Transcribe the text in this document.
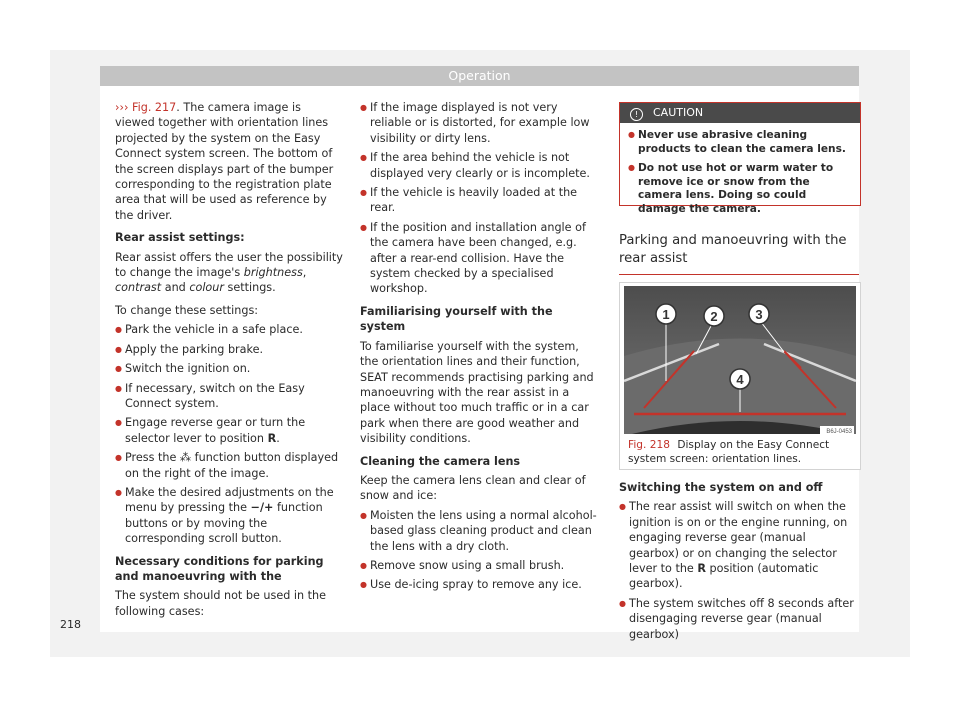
Operation

››› Fig. 217. The camera image is viewed together with orientation lines projected by the system on the Easy Connect system screen. The bottom of the screen displays part of the bumper corresponding to the registration plate area that will be used as reference by the driver.

Rear assist settings:

Rear assist offers the user the possibility to change the image's brightness, contrast and colour settings.

To change these settings:

● Park the vehicle in a safe place.
● Apply the parking brake.
● Switch the ignition on.
● If necessary, switch on the Easy Connect system.
● Engage reverse gear or turn the selector lever to position R.
● Press the ⁂ function button displayed on the right of the image.

● Make the desired adjustments on the menu by pressing the −/+ function buttons or by moving the corresponding scroll button.

Necessary conditions for parking and manoeuvring with the

The system should not be used in the following cases:

● If the image displayed is not very reliable or is distorted, for example low visibility or dirty lens.
● If the area behind the vehicle is not displayed very clearly or is incomplete.
● If the vehicle is heavily loaded at the rear.

● If the position and installation angle of the camera have been changed, e.g. after a rear-end collision. Have the system checked by a specialised workshop.

Familiarising yourself with the system

To familiarise yourself with the system, the orientation lines and their function, SEAT recommends practising parking and manoeuvring with the rear assist in a place without too much traffic or in a car park when there are good weather and visibility conditions.

Cleaning the camera lens

Keep the camera lens clean and clear of snow and ice:

● Moisten the lens using a normal alcohol-based glass cleaning product and clean the lens with a dry cloth.
● Remove snow using a small brush.
● Use de-icing spray to remove any ice.
! CAUTION
● Never use abrasive cleaning products to clean the camera lens.
● Do not use hot or warm water to remove ice or snow from the camera lens. Doing so could damage the camera.
Parking and manoeuvring with the rear assist
1	2	3
4
B6J-0453
Fig. 218 Display on the Easy Connect system screen: orientation lines.

Switching the system on and off

● The rear assist will switch on when the ignition is on or the engine running, on engaging reverse gear (manual gearbox) or on changing the selector lever to the R position (automatic gearbox).

● The system switches off 8 seconds after disengaging reverse gear (manual gearbox)

218
